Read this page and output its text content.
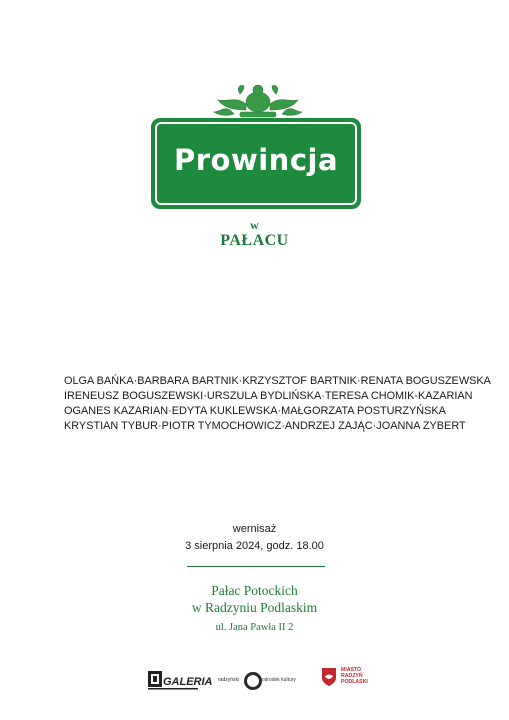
Prowincja
w
PAŁACU
OLGA BAŃKA · BARBARA BARTNIK · KRZYSZTOF BARTNIK · RENATA BOGUSZEWSKA
IRENEUSZ BOGUSZEWSKI · URSZULA BYDLIŃSKA · TERESA CHOMIK-KAZARIAN
OGANES KAZARIAN · EDYTA KUKLEWSKA · MAŁGORZATA POSTURZYŃSKA
KRYSTIAN TYBUR · PIOTR TYMOCHOWICZ · ANDRZEJ ZAJĄC · JOANNA ZYBERT
wernisaż
3 sierpnia 2024, godz. 18.00
Pałac Potockich
w Radzyniu Podlaskim
ul. Jana Pawła II 2
GALERIA radzyński	ośrodek kultury
MIASTO
RADZYŃ
PODLASKI
